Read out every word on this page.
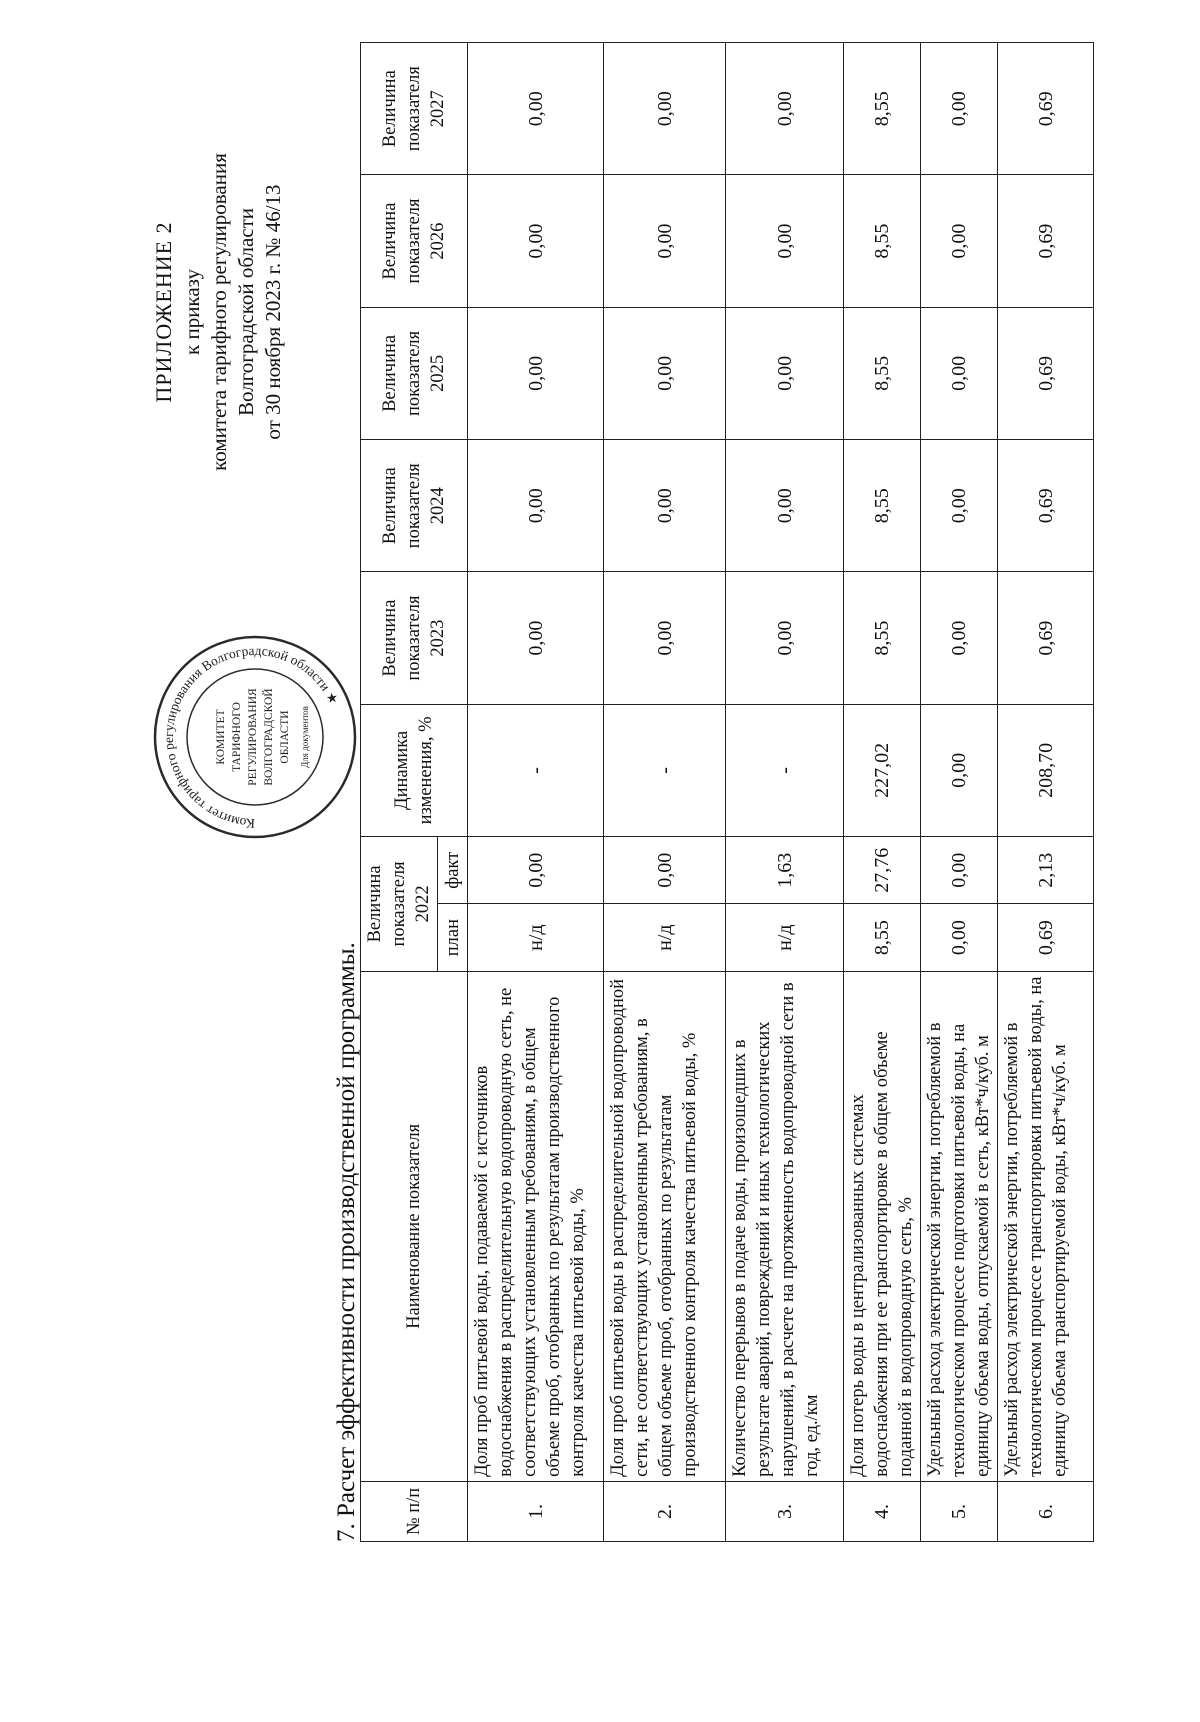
ПРИЛОЖЕНИЕ 2 к приказу комитета тарифного регулирования Волгоградской области от 30 ноября 2023 г. № 46/13
Комитет тарифного регулирования Волгоградской области ★
КОМИТЕТ ТАРИФНОГО РЕГУЛИРОВАНИЯ ВОЛГОГРАДСКОЙ ОБЛАСТИ Для документов
7. Расчет эффективности производственной программы. № п/п	Наименование показателя	Величина показателя 2022		Динамика изменения, %	Величина показателя 2023	Величина показателя 2024	Величина показателя 2025	Величина показателя 2026	Величина показателя 2027
		план	факт						
1.	Доля проб питьевой воды, подаваемой с источников водоснабжения в распределительную водопроводную сеть, не соответствующих установленным требованиям, в общем объеме проб, отобранных по результатам производственного контроля качества питьевой воды, %	н/д	0,00	-	0,00	0,00	0,00	0,00	0,00
2.	Доля проб питьевой воды в распределительной водопроводной сети, не соответствующих установленным требованиям, в общем объеме проб, отобранных по результатам производственного контроля качества питьевой воды, %	н/д	0,00	-	0,00	0,00	0,00	0,00	0,00
3.	Количество перерывов в подаче воды, произошедших в результате аварий, повреждений и иных технологических нарушений, в расчете на протяженность водопроводной сети в год, ед./км	н/д	1,63	-	0,00	0,00	0,00	0,00	0,00
4.	Доля потерь воды в централизованных системах водоснабжения при ее транспортировке в общем объеме поданной в водопроводную сеть, %	8,55	27,76	227,02	8,55	8,55	8,55	8,55	8,55
5.	Удельный расход электрической энергии, потребляемой в технологическом процессе подготовки питьевой воды, на единицу объема воды, отпускаемой в сеть, кВт*ч/куб. м	0,00	0,00	0,00	0,00	0,00	0,00	0,00	0,00
6.	Удельный расход электрической энергии, потребляемой в технологическом процессе транспортировки питьевой воды, на единицу объема транспортируемой воды, кВт*ч/куб. м	0,69	2,13	208,70	0,69	0,69	0,69	0,69	0,69
